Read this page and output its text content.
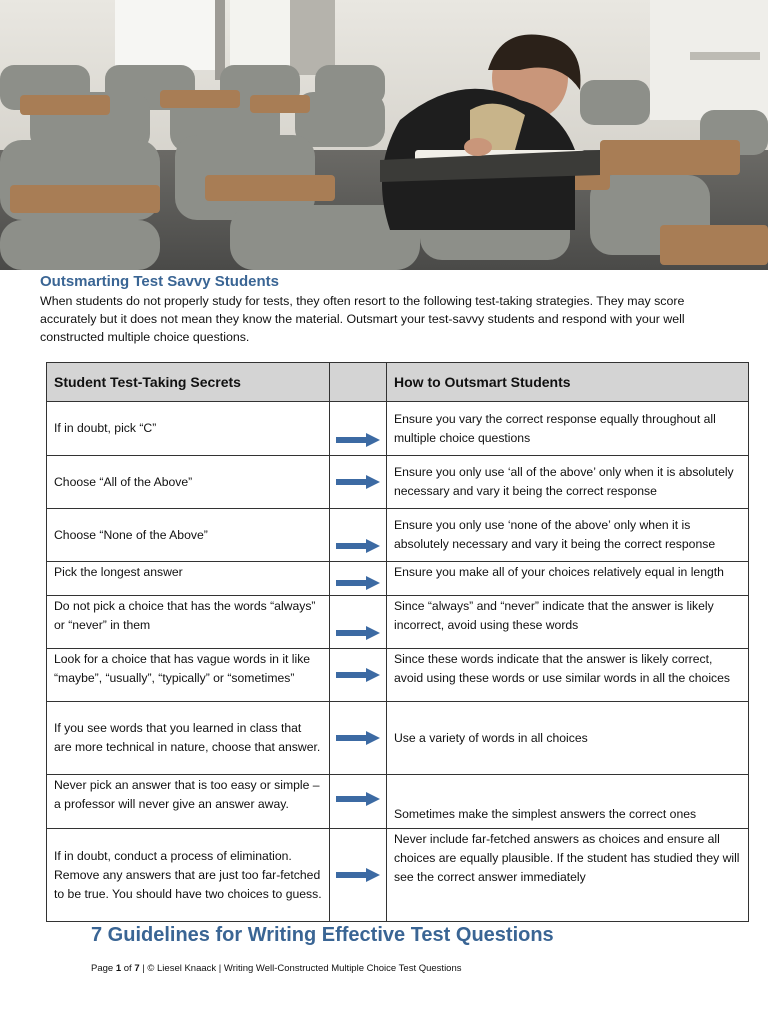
Outsmarting Test Savvy Students
When students do not properly study for tests, they often resort to the following test-taking strategies. They may score accurately but it does not mean they know the material. Outsmart your test-savvy students and respond with your well constructed multiple choice questions.
Student Test-Taking Secrets		How to Outsmart Students
If in doubt, pick “C”		Ensure you vary the correct response equally throughout all multiple choice questions
Choose “All of the Above”		Ensure you only use ‘all of the above’ only when it is absolutely necessary and vary it being the correct response
Choose “None of the Above”		Ensure you only use ‘none of the above’ only when it is absolutely necessary and vary it being the correct response
Pick the longest answer		Ensure you make all of your choices relatively equal in length
Do not pick a choice that has the words “always” or “never” in them		Since “always” and “never” indicate that the answer is likely incorrect, avoid using these words
Look for a choice that has vague words in it like “maybe”, “usually”, “typically” or “sometimes”		Since these words indicate that the answer is likely correct, avoid using these words or use similar words in all the choices
If you see words that you learned in class that are more technical in nature, choose that answer.		Use a variety of words in all choices
Never pick an answer that is too easy or simple – a professor will never give an answer away.		Sometimes make the simplest answers the correct ones
If in doubt, conduct a process of elimination. Remove any answers that are just too far-fetched to be true. You should have two choices to guess.		Never include far-fetched answers as choices and ensure all choices are equally plausible. If the student has studied they will see the correct answer immediately
7 Guidelines for Writing Effective Test Questions
Page 1 of 7 | © Liesel Knaack | Writing Well-Constructed Multiple Choice Test Questions
